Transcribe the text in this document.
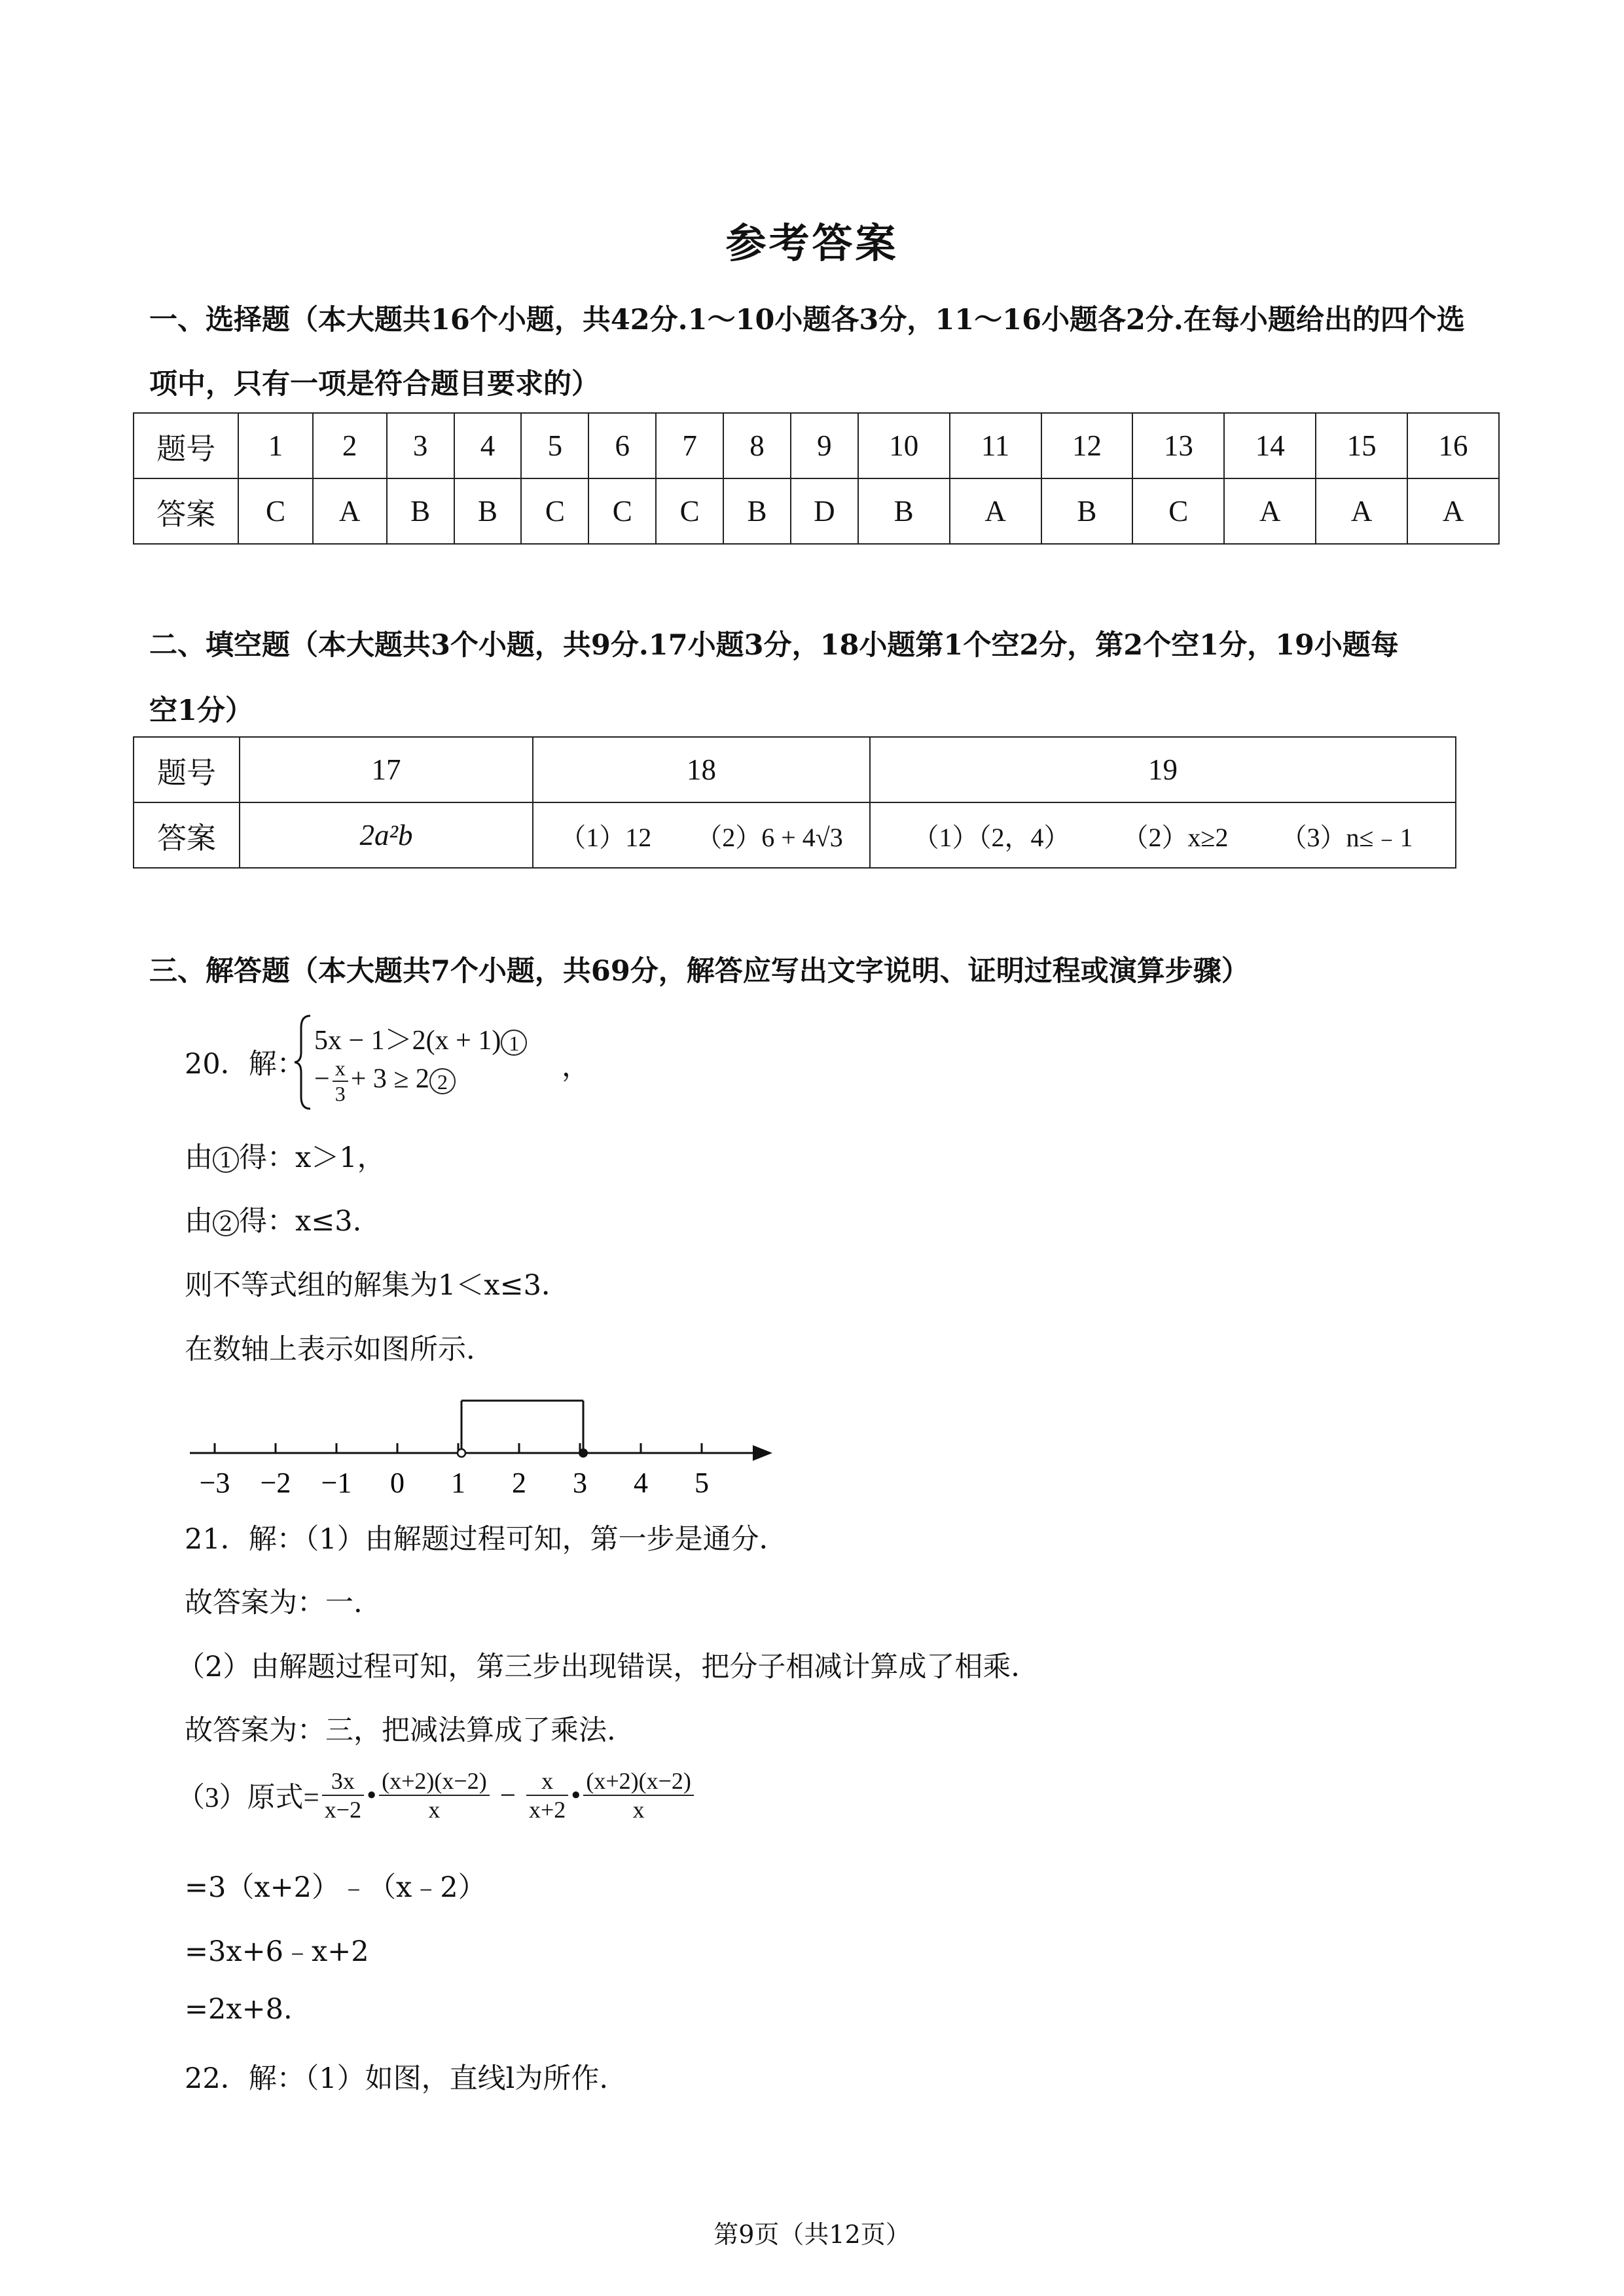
参考答案
一、选择题（本大题共16个小题，共42分.1～10小题各3分，11～16小题各2分.在每小题给出的四个选
项中，只有一项是符合题目要求的）
题号	1	2	3	4	5	6	7	8	9	10	11	12	13	14	15	16
答案	C	A	B	B	C	C	C	B	D	B	A	B	C	A	A	A
二、填空题（本大题共3个小题，共9分.17小题3分，18小题第1个空2分，第2个空1分，19小题每
空1分）
题号	17	18	19
答案	2a²b	（1）12 （2）6 + 4√3	（1）（2，4） （2）x≥2 （3）n≤﹣1
三、解答题（本大题共7个小题，共69分，解答应写出文字说明、证明过程或演算步骤）
20．解：
5x − 1＞2(x + 1) 1
− $\frac{x}{3} + 3 \ge 2$ 2	，
由 1 得：x＞1，
由 2 得：x≤3.
则不等式组的解集为1＜x≤3．
在数轴上表示如图所示.
−3 −2 −1 0 1 2 3 4 5
21．解：（1）由解题过程可知，第一步是通分．
故答案为：一.
（2）由解题过程可知，第三步出现错误，把分子相减计算成了相乘．
故答案为：三，把减法算成了乘法.
（3）原式= $\frac{3x}{x-2}$ • $\frac{(x+2)(x-2)}{x} - \frac{x}{x+2}$ • $\frac{(x+2)(x-2)}{x}$
=3（x+2）﹣（x﹣2）
=3x+6﹣x+2
=2x+8.
22．解：（1）如图，直线l为所作.
第9页（共12页）
